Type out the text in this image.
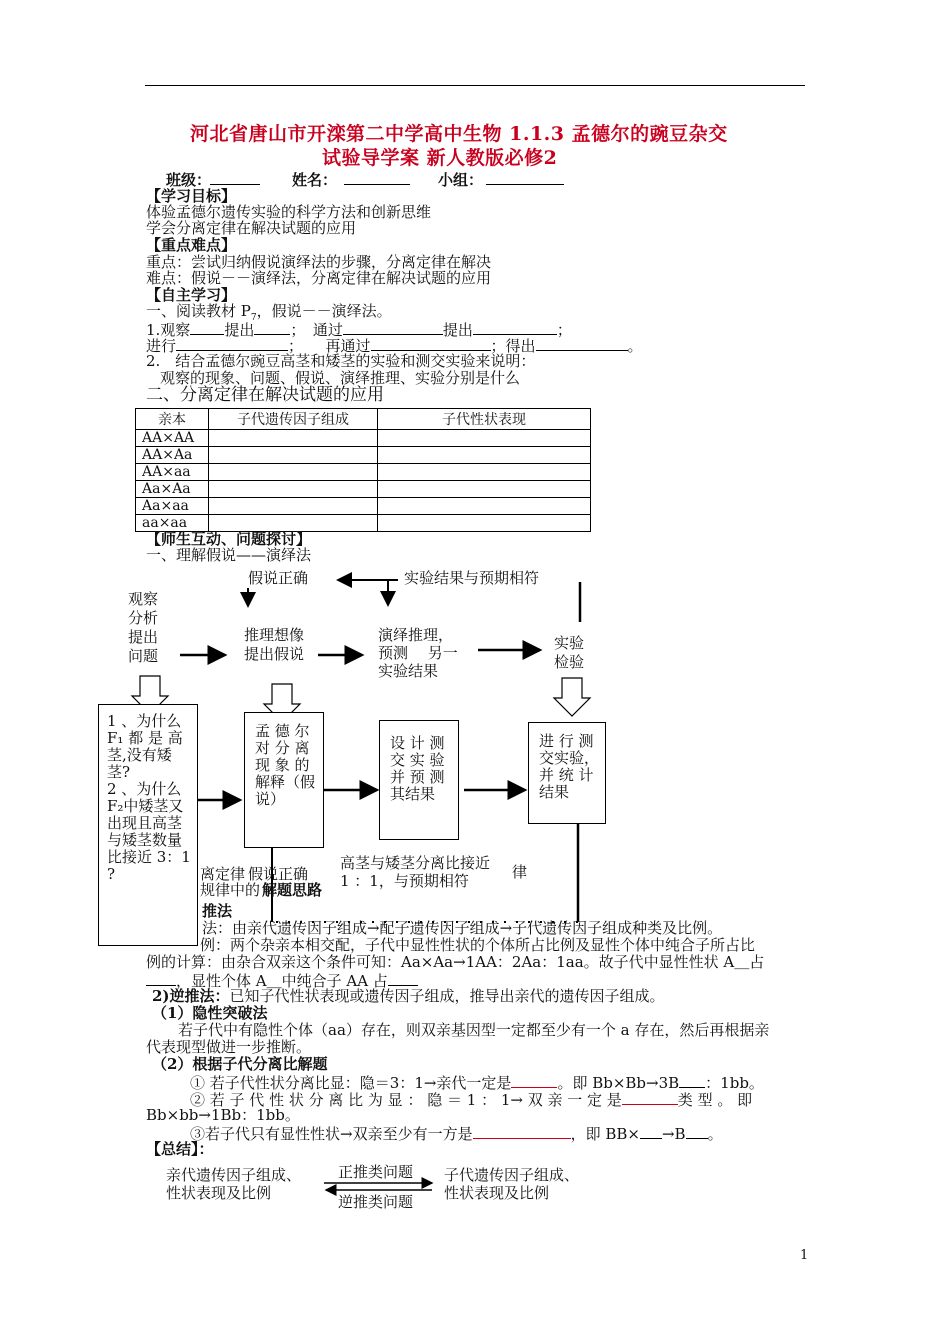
河北省唐山市开滦第二中学高中生物 1.1.3 孟德尔的豌豆杂交
试验导学案 新人教版必修2
班级：	姓名：	小组：
【学习目标】
体验孟德尔遗传实验的科学方法和创新思维
学会分离定律在解决试题的应用
【重点难点】
重点：尝试归纳假说演绎法的步骤，分离定律在解决
难点：假说－－演绎法，分离定律在解决试题的应用
【自主学习】
一、阅读教材 $P_7$，假说－－演绎法。
1.观察 提出 ；　通过	提出	；
进行	；　　再通过	；得出	。
2.　结合孟德尔豌豆高茎和矮茎的实验和测交实验来说明：
观察的现象、问题、假说、演绎推理、实验分别是什么
二、分离定律在解决试题的应用
亲本	子代遗传因子组成	子代性状表现
AA×AA		
AA×Aa		
AA×aa		
Aa×Aa		
Aa×aa		
aa×aa		
【师生互动、问题探讨】
一、理解假说——演绎法
假说正确	实验结果与预期相符
观察
分析
提出
问题
推理想像
提出假说
演绎推理，
预测　 另一
实验结果
实验
检验
离定律 假说正确
规律中的 解题思路
律
高茎与矮茎分离比接近
1 ：1，与预期相符
推法
法：由亲代遗传因子组成→配子遗传因子组成→子代遗传因子组成种类及比例。
例：两个杂亲本相交配，子代中显性性状的个体所占比例及显性个体中纯合子所占比
例的计算：由杂合双亲这个条件可知：Aa×Aa→1AA：2Aa：1aa。故子代中显性性状 A＿占
，显性个体 A＿中纯合子 AA 占
1 、为什么
F₁ 都 是 高
茎,没有矮
茎?
2 、为什么
F₂中矮茎又
出现且高茎
与矮茎数量
比接近 3：1
?
孟 德 尔
对 分 离
现 象 的
解释（假
说）
设 计 测
交 实 验
并 预 测
其结果
进 行 测
交实验，
并 统 计
结果
2)逆推法：已知子代性状表现或遗传因子组成，推导出亲代的遗传因子组成。
（1）隐性突破法
若子代中有隐性个体（aa）存在，则双亲基因型一定都至少有一个 a 存在，然后再根据亲
代表现型做进一步推断。
（2）根据子代分离比解题
① 若子代性状分离比显：隐＝3：1→亲代一定是	。即 Bb×Bb→3B ：1bb。
② 若 子 代 性 状 分 离 比 为 显 ： 隐 ＝ 1 ： 1→ 双 亲 一 定 是	类 型 。 即
Bb×bb→1Bb：1bb。
③若子代只有显性性状→双亲至少有一方是	，即 BB× →B 。
【总结】：
亲代遗传因子组成、
性状表现及比例
正推类问题
逆推类问题
子代遗传因子组成、
性状表现及比例
1
